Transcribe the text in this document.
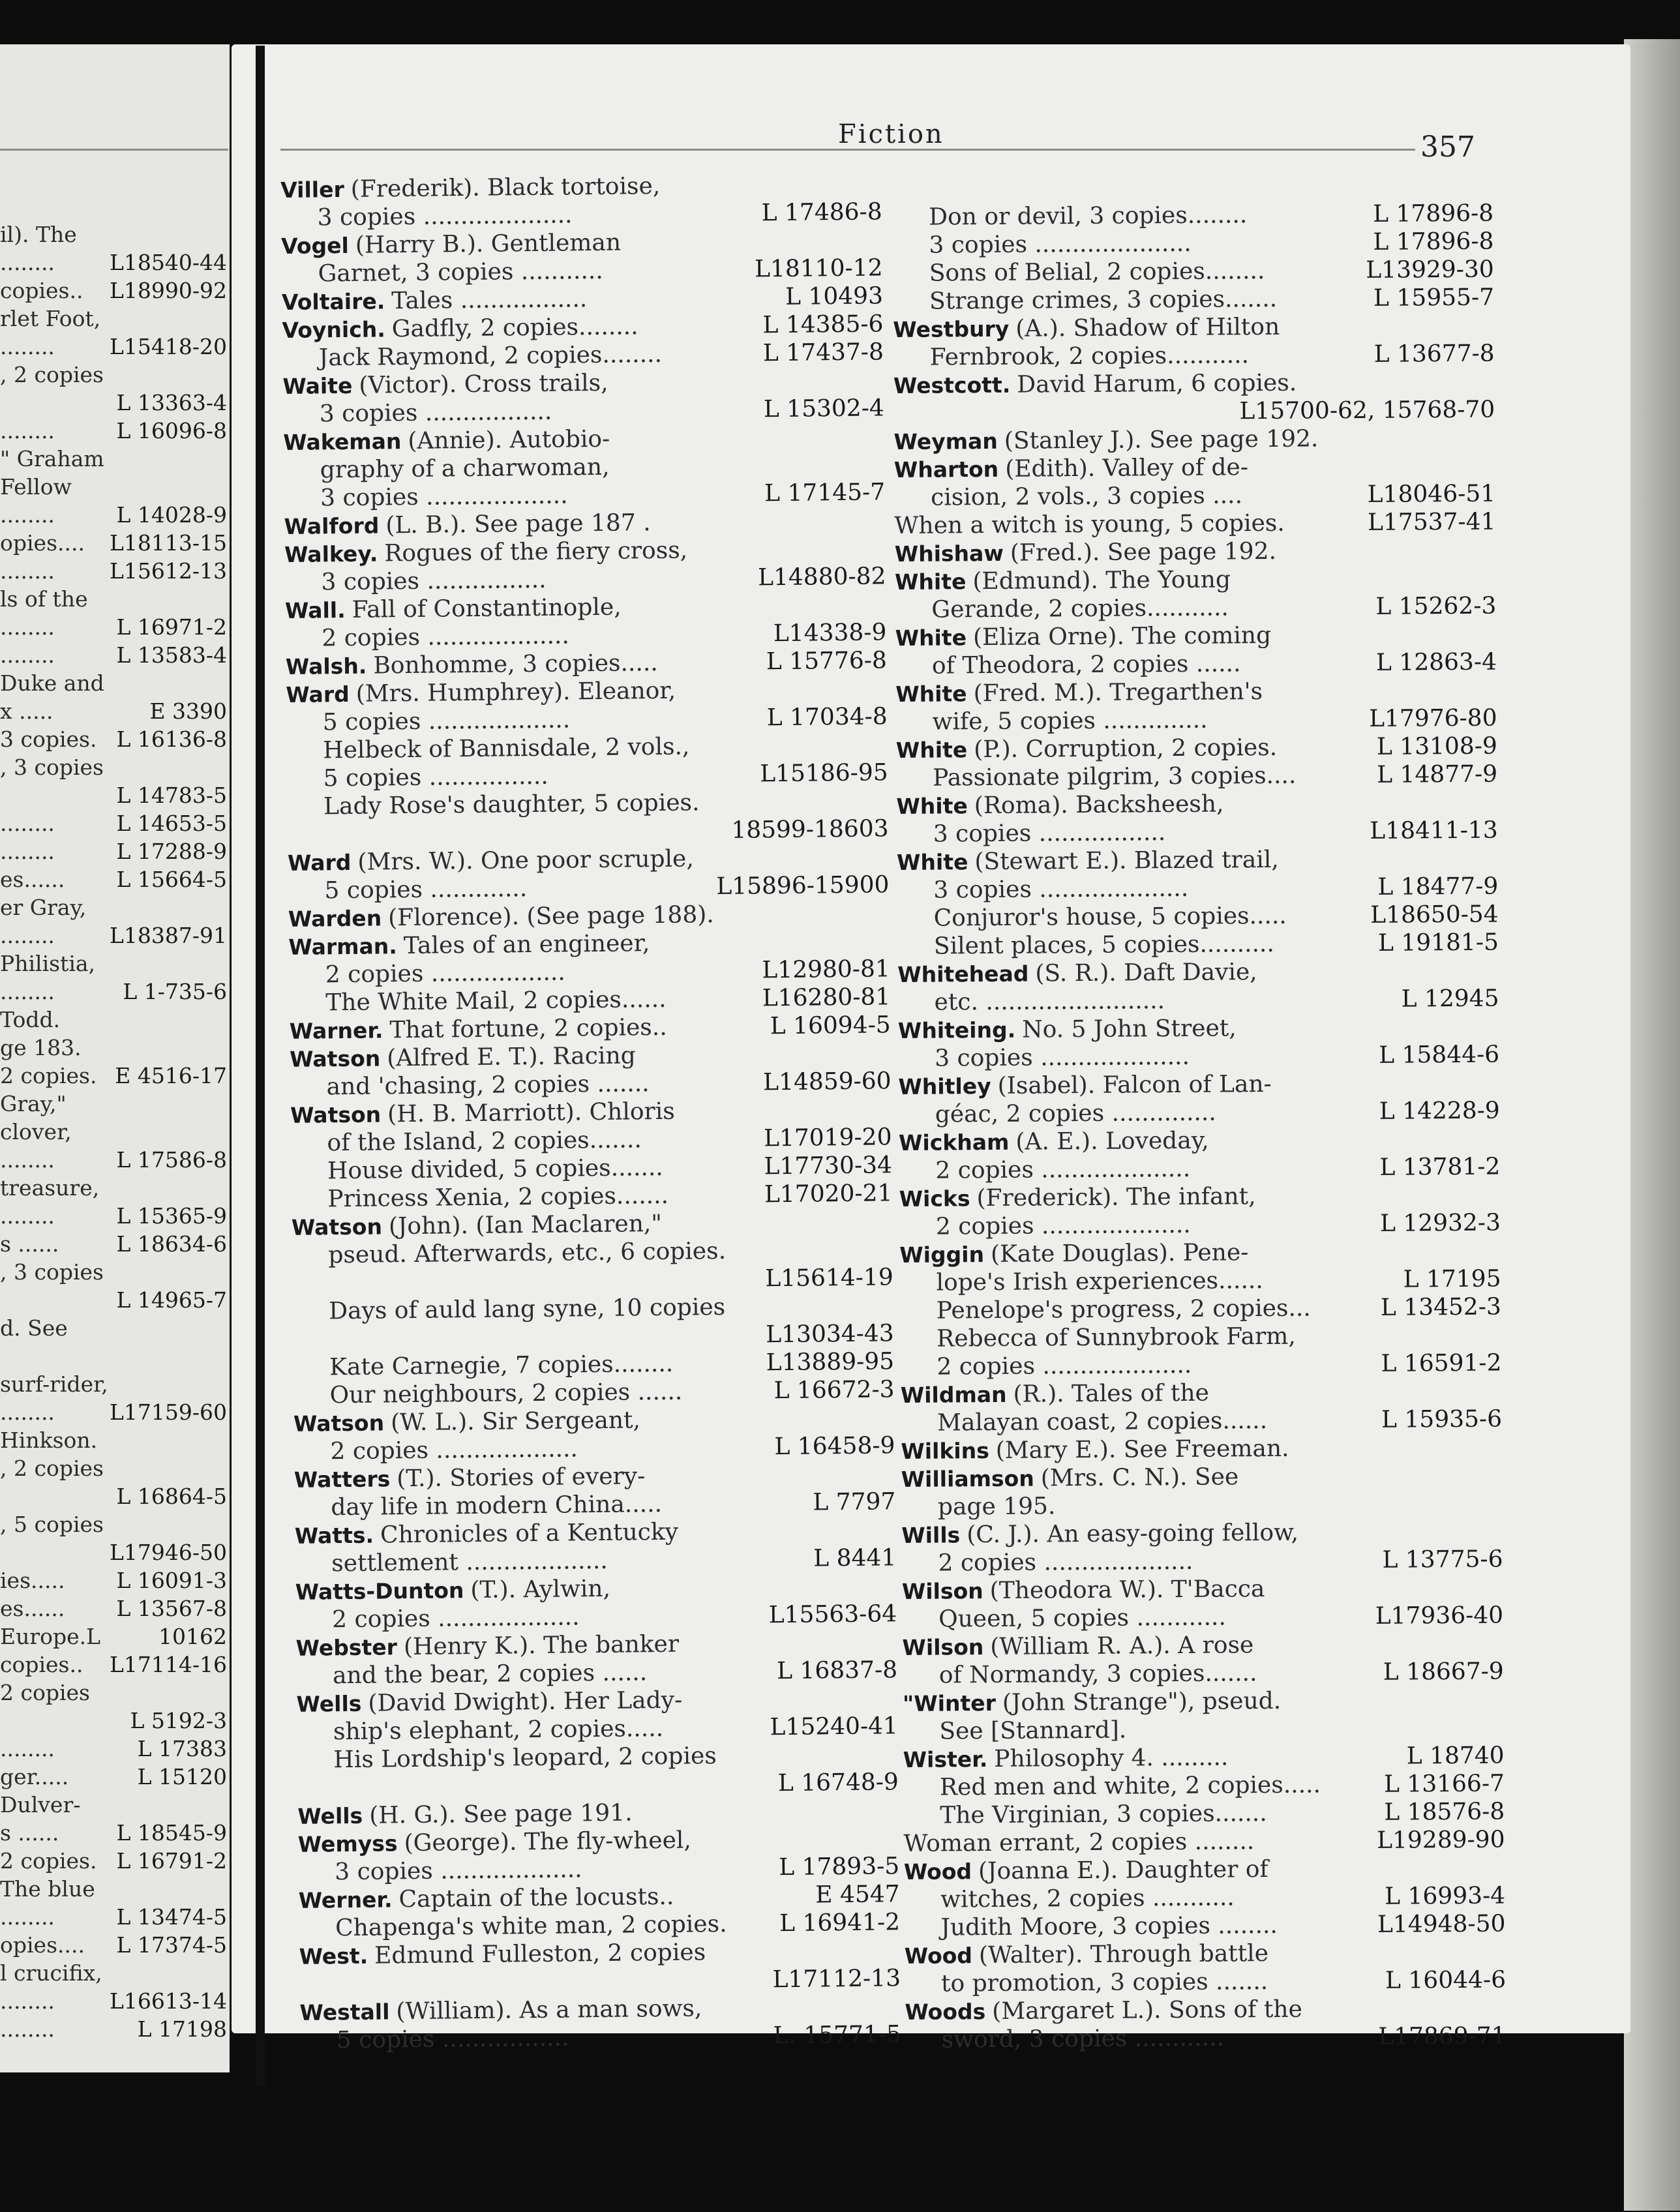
il). The
........	L18540-44
copies.. L18990-92
rlet Foot,
........	L15418-20
, 2 copies
L 13363-4
........	L 16096-8
" Graham
Fellow
........	L 14028-9
opies.... L18113-15
........	L15612-13
ls of the
........	L 16971-2
........	L 13583-4
Duke and
x .....	E 3390
3 copies. L 16136-8
, 3 copies
L 14783-5
........	L 14653-5
........	L 17288-9
es...... L 15664-5
er Gray,
........	L18387-91
Philistia,
........	L 1-735-6
Todd.
ge 183.
2 copies. E 4516-17
Gray,"
clover,
........	L 17586-8
treasure,
........	L 15365-9
s ......	L 18634-6
, 3 copies
L 14965-7
d. See
surf-rider,
........	L17159-60
Hinkson.
, 2 copies
L 16864-5
, 5 copies
L17946-50
ies..... L 16091-3
es...... L 13567-8
Europe.L	10162
copies.. L17114-16
2 copies
L 5192-3
........	L 17383
ger.....	L 15120
Dulver-
s ......	L 18545-9
2 copies. L 16791-2
The blue
........	L 13474-5
opies.... L 17374-5
l crucifix,
........	L16613-14
........	L 17198
Fiction	357
Viller (Frederik). Black tortoise,
3 copies ....................	L 17486-8
Vogel (Harry B.). Gentleman
Garnet, 3 copies ...........	L18110-12
Voltaire. Tales .................	L 10493
Voynich. Gadfly, 2 copies........	L 14385-6
Jack Raymond, 2 copies........	L 17437-8
Waite (Victor). Cross trails,
3 copies .................	L 15302-4
Wakeman (Annie). Autobio-
graphy of a charwoman,
3 copies ...................	L 17145-7
Walford (L. B.). See page 187 .
Walkey. Rogues of the fiery cross,
3 copies ................	L14880-82
Wall. Fall of Constantinople,
2 copies ...................	L14338-9
Walsh. Bonhomme, 3 copies.....	L 15776-8
Ward (Mrs. Humphrey). Eleanor,
5 copies ...................	L 17034-8
Helbeck of Bannisdale, 2 vols.,
5 copies ................	L15186-95
Lady Rose's daughter, 5 copies.
18599-18603
Ward (Mrs. W.). One poor scruple,
5 copies .............	L15896-15900
Warden (Florence). (See page 188).
Warman. Tales of an engineer,
2 copies ..................	L12980-81
The White Mail, 2 copies......	L16280-81
Warner. That fortune, 2 copies..	L 16094-5
Watson (Alfred E. T.). Racing
and 'chasing, 2 copies .......	L14859-60
Watson (H. B. Marriott). Chloris
of the Island, 2 copies.......	L17019-20
House divided, 5 copies.......	L17730-34
Princess Xenia, 2 copies.......	L17020-21
Watson (John). (Ian Maclaren,"
pseud. Afterwards, etc., 6 copies.
L15614-19
Days of auld lang syne, 10 copies
L13034-43
Kate Carnegie, 7 copies........	L13889-95
Our neighbours, 2 copies ......	L 16672-3
Watson (W. L.). Sir Sergeant,
2 copies ...................	L 16458-9
Watters (T.). Stories of every-
day life in modern China.....	L 7797
Watts. Chronicles of a Kentucky
settlement ...................	L 8441
Watts-Dunton (T.). Aylwin,
2 copies ...................	L15563-64
Webster (Henry K.). The banker
and the bear, 2 copies ......	L 16837-8
Wells (David Dwight). Her Lady-
ship's elephant, 2 copies.....	L15240-41
His Lordship's leopard, 2 copies
L 16748-9
Wells (H. G.). See page 191.
Wemyss (George). The fly-wheel,
3 copies ...................	L 17893-5
Werner. Captain of the locusts..	E 4547
Chapenga's white man, 2 copies. L 16941-2
West. Edmund Fulleston, 2 copies
L17112-13
Westall (William). As a man sows,
5 copies .................	L. 15771-5
Don or devil, 3 copies........	L 17896-8
3 copies .....................	L 17896-8
Sons of Belial, 2 copies........	L13929-30
Strange crimes, 3 copies.......	L 15955-7
Westbury (A.). Shadow of Hilton
Fernbrook, 2 copies...........	L 13677-8
Westcott. David Harum, 6 copies.
L15700-62, 15768-70
Weyman (Stanley J.). See page 192.
Wharton (Edith). Valley of de-
cision, 2 vols., 3 copies ....	L18046-51
When a witch is young, 5 copies.	L17537-41
Whishaw (Fred.). See page 192.
White (Edmund). The Young
Gerande, 2 copies...........	L 15262-3
White (Eliza Orne). The coming
of Theodora, 2 copies ......	L 12863-4
White (Fred. M.). Tregarthen's
wife, 5 copies ..............	L17976-80
White (P.). Corruption, 2 copies.	L 13108-9
Passionate pilgrim, 3 copies....	L 14877-9
White (Roma). Backsheesh,
3 copies .................	L18411-13
White (Stewart E.). Blazed trail,
3 copies ....................	L 18477-9
Conjuror's house, 5 copies.....	L18650-54
Silent places, 5 copies..........	L 19181-5
Whitehead (S. R.). Daft Davie,
etc. ........................	L 12945
Whiteing. No. 5 John Street,
3 copies ....................	L 15844-6
Whitley (Isabel). Falcon of Lan-
géac, 2 copies ..............	L 14228-9
Wickham (A. E.). Loveday,
2 copies ....................	L 13781-2
Wicks (Frederick). The infant,
2 copies ....................	L 12932-3
Wiggin (Kate Douglas). Pene-
lope's Irish experiences......	L 17195
Penelope's progress, 2 copies...	L 13452-3
Rebecca of Sunnybrook Farm,
2 copies ....................	L 16591-2
Wildman (R.). Tales of the
Malayan coast, 2 copies......	L 15935-6
Wilkins (Mary E.). See Freeman.
Williamson (Mrs. C. N.). See
page 195.
Wills (C. J.). An easy-going fellow,
2 copies ....................	L 13775-6
Wilson (Theodora W.). T'Bacca
Queen, 5 copies ............	L17936-40
Wilson (William R. A.). A rose
of Normandy, 3 copies.......	L 18667-9
"Winter (John Strange"), pseud.
See [Stannard].
Wister. Philosophy 4. .........	L 18740
Red men and white, 2 copies.....	L 13166-7
The Virginian, 3 copies.......	L 18576-8
Woman errant, 2 copies ........	L19289-90
Wood (Joanna E.). Daughter of
witches, 2 copies ...........	L 16993-4
Judith Moore, 3 copies ........	L14948-50
Wood (Walter). Through battle
to promotion, 3 copies .......	L 16044-6
Woods (Margaret L.). Sons of the
sword, 3 copies ............	L17869-71
